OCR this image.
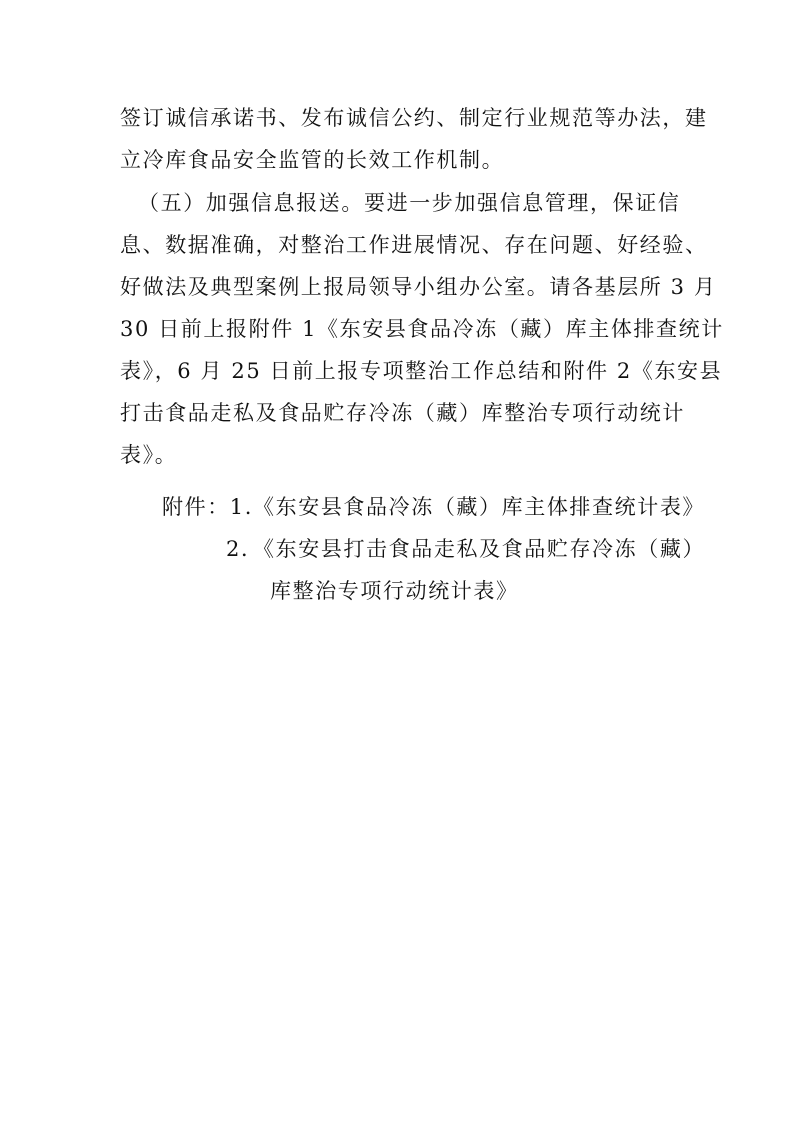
签订诚信承诺书、发布诚信公约、制定行业规范等办法，建
立冷库食品安全监管的长效工作机制。
（五）加强信息报送。要进一步加强信息管理，保证信
息、数据准确，对整治工作进展情况、存在问题、好经验、
好做法及典型案例上报局领导小组办公室。请各基层所 3 月
30 日前上报附件 1《东安县食品冷冻（藏）库主体排查统计
表》，6 月 25 日前上报专项整治工作总结和附件 2《东安县
打击食品走私及食品贮存冷冻（藏）库整治专项行动统计
表》。
附件：1.《东安县食品冷冻（藏）库主体排查统计表》
2．《东安县打击食品走私及食品贮存冷冻（藏）
库整治专项行动统计表》
